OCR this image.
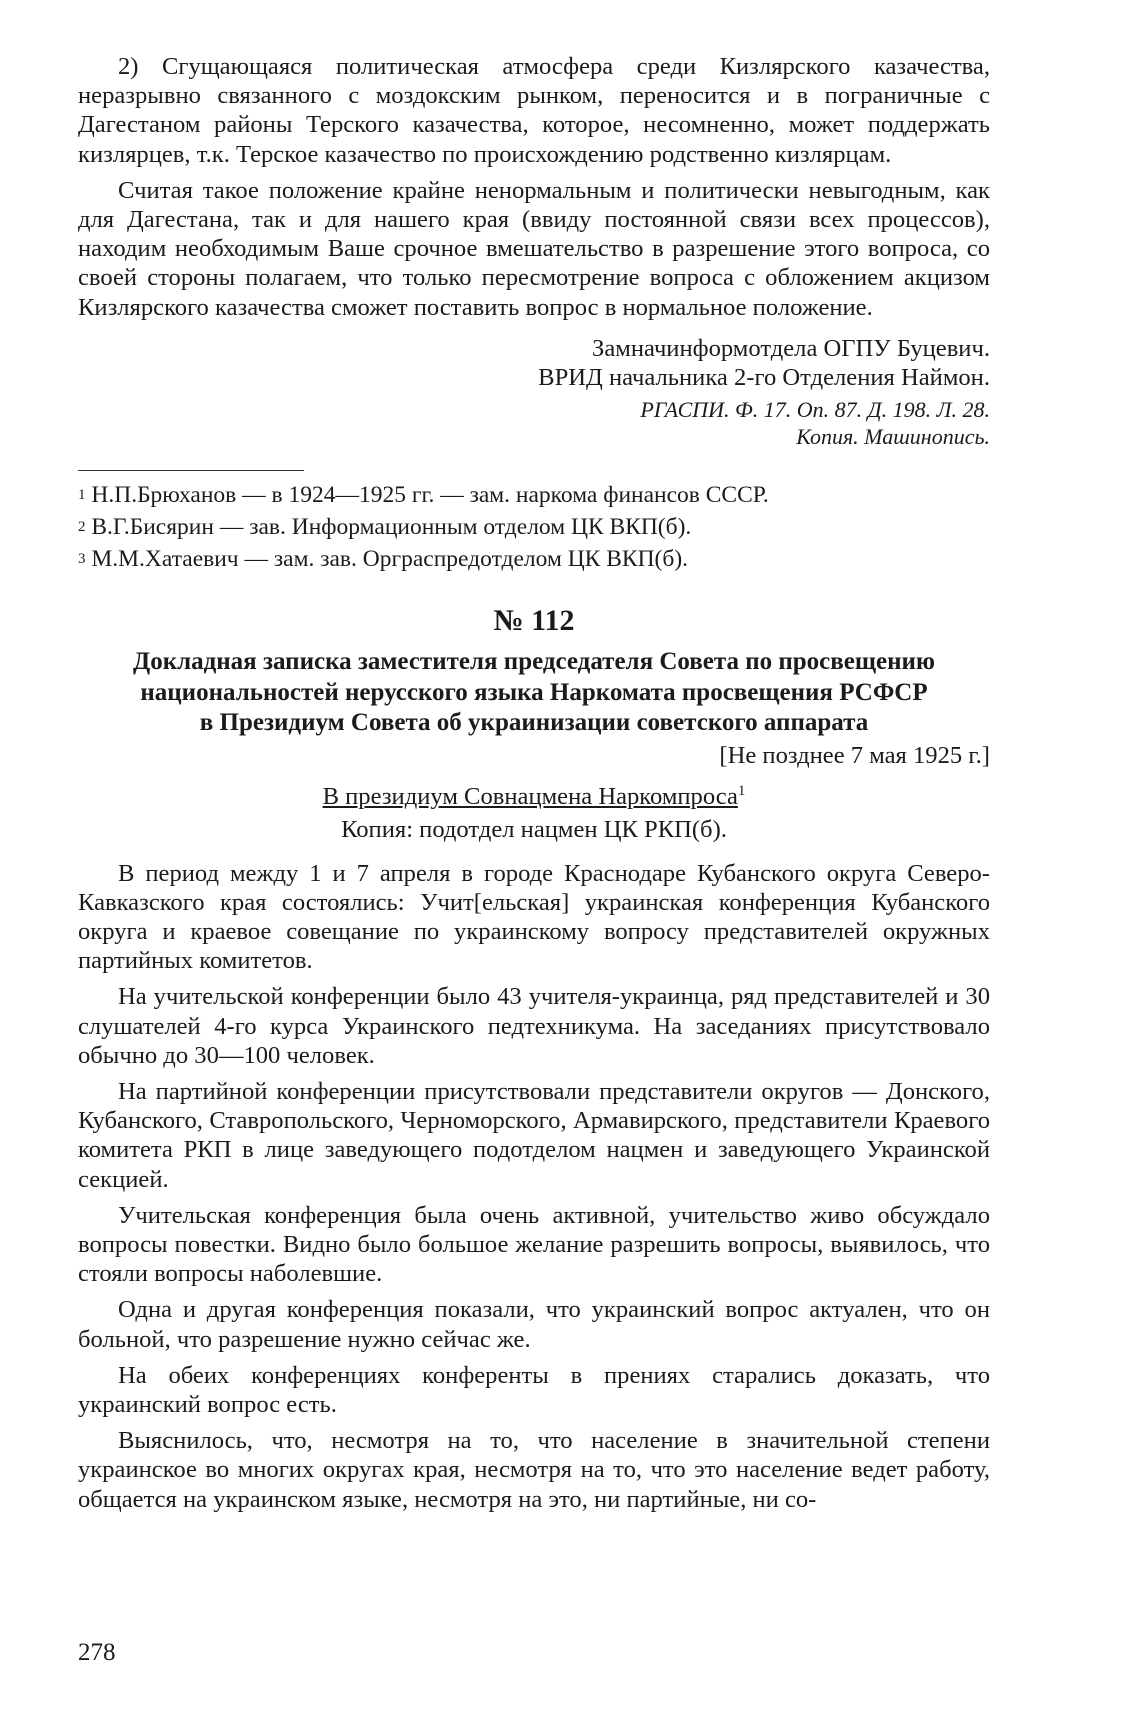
2) Сгущающаяся политическая атмосфера среди Кизлярского казачества, неразрывно связанного с моздокским рынком, переносится и в пограничные с Дагестаном районы Терского казачества, которое, несомненно, может поддержать кизлярцев, т.к. Терское казачество по происхождению родственно кизлярцам.

Считая такое положение крайне ненормальным и политически невыгодным, как для Дагестана, так и для нашего края (ввиду постоянной связи всех процессов), находим необходимым Ваше срочное вмешательство в разрешение этого вопроса, со своей стороны полагаем, что только пересмотрение вопроса с обложением акцизом Кизлярского казачества сможет поставить вопрос в нормальное положение.

Замначинформотдела ОГПУ Буцевич.

ВРИД начальника 2-го Отделения Наймон.

РГАСПИ. Ф. 17. Оп. 87. Д. 198. Л. 28.
Копия. Машинопись.
$^1$ Н.П.Брюханов — в 1924—1925 гг. — зам. наркома финансов СССР.
$^2$ В.Г.Бисярин — зав. Информационным отделом ЦК ВКП(б).
$^3$ М.М.Хатаевич — зам. зав. Орграспредотделом ЦК ВКП(б).
№ 112
Докладная записка заместителя председателя Совета по просвещению
национальностей нерусского языка Наркомата просвещения РСФСР
в Президиум Совета об украинизации советского аппарата
[Не позднее 7 мая 1925 г.]
В президиум Совнацмена Наркомпроса$^1$
Копия: подотдел нацмен ЦК РКП(б).

В период между 1 и 7 апреля в городе Краснодаре Кубанского округа Северо-Кавказского края состоялись: Учит[ельская] украинская конференция Кубанского округа и краевое совещание по украинскому вопросу представителей окружных партийных комитетов.

На учительской конференции было 43 учителя-украинца, ряд представителей и 30 слушателей 4-го курса Украинского педтехникума. На заседаниях присутствовало обычно до 30—100 человек.

На партийной конференции присутствовали представители округов — Донского, Кубанского, Ставропольского, Черноморского, Армавирского, представители Краевого комитета РКП в лице заведующего подотделом нацмен и заведующего Украинской секцией.

Учительская конференция была очень активной, учительство живо обсуждало вопросы повестки. Видно было большое желание разрешить вопросы, выявилось, что стояли вопросы наболевшие.

Одна и другая конференция показали, что украинский вопрос актуален, что он больной, что разрешение нужно сейчас же.

На обеих конференциях конференты в прениях старались доказать, что украинский вопрос есть.

Выяснилось, что, несмотря на то, что население в значительной степени украинское во многих округах края, несмотря на то, что это население ведет работу, общается на украинском языке, несмотря на это, ни партийные, ни со-

278
